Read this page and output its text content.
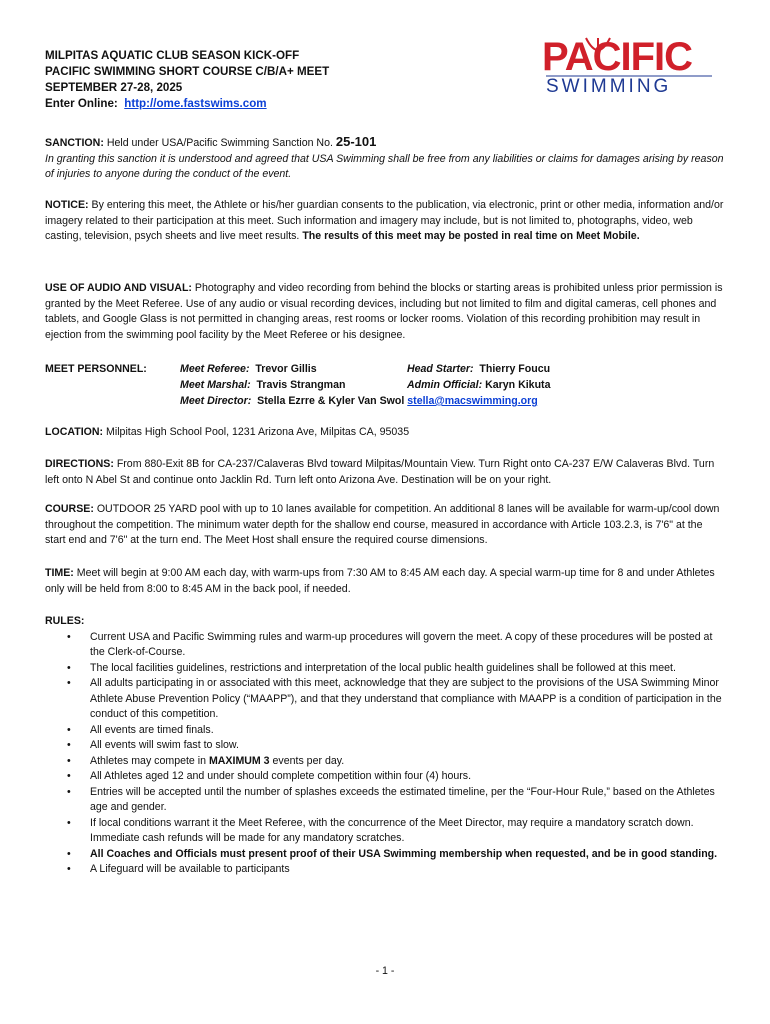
MILPITAS AQUATIC CLUB SEASON KICK-OFF
PACIFIC SWIMMING SHORT COURSE C/B/A+ MEET
SEPTEMBER 27-28, 2025
Enter Online: http://ome.fastswims.com
PACIFIC
SWIMMING
SANCTION: Held under USA/Pacific Swimming Sanction No. 25-101
In granting this sanction it is understood and agreed that USA Swimming shall be free from any liabilities or claims for damages arising by reason of injuries to anyone during the conduct of the event.
NOTICE: By entering this meet, the Athlete or his/her guardian consents to the publication, via electronic, print or other media, information and/or imagery related to their participation at this meet. Such information and imagery may include, but is not limited to, photographs, video, web casting, television, psych sheets and live meet results. The results of this meet may be posted in real time on Meet Mobile.
USE OF AUDIO AND VISUAL: Photography and video recording from behind the blocks or starting areas is prohibited unless prior permission is granted by the Meet Referee. Use of any audio or visual recording devices, including but not limited to film and digital cameras, cell phones and tablets, and Google Glass is not permitted in changing areas, rest rooms or locker rooms. Violation of this recording prohibition may result in ejection from the swimming pool facility by the Meet Referee or his designee.
MEET PERSONNEL:	Meet Referee: Trevor Gillis
Meet Marshal: Travis Strangman
Meet Director: Stella Ezrre & Kyler Van Swol stella@macswimming.org
Head Starter: Thierry Foucu
Admin Official: Karyn Kikuta
LOCATION: Milpitas High School Pool, 1231 Arizona Ave, Milpitas CA, 95035
DIRECTIONS: From 880-Exit 8B for CA-237/Calaveras Blvd toward Milpitas/Mountain View. Turn Right onto CA-237 E/W Calaveras Blvd. Turn left onto N Abel St and continue onto Jacklin Rd. Turn left onto Arizona Ave. Destination will be on your right.
COURSE: OUTDOOR 25 YARD pool with up to 10 lanes available for competition. An additional 8 lanes will be available for warm-up/cool down throughout the competition. The minimum water depth for the shallow end course, measured in accordance with Article 103.2.3, is 7'6" at the start end and 7'6" at the turn end. The Meet Host shall ensure the required course dimensions.
TIME: Meet will begin at 9:00 AM each day, with warm-ups from 7:30 AM to 8:45 AM each day. A special warm-up time for 8 and under Athletes only will be held from 8:00 to 8:45 AM in the back pool, if needed.
RULES:
• Current USA and Pacific Swimming rules and warm-up procedures will govern the meet. A copy of these procedures will be posted at the Clerk-of-Course.
• The local facilities guidelines, restrictions and interpretation of the local public health guidelines shall be followed at this meet.
• All adults participating in or associated with this meet, acknowledge that they are subject to the provisions of the USA Swimming Minor Athlete Abuse Prevention Policy (“MAAPP”), and that they understand that compliance with MAAPP is a condition of participation in the conduct of this competition.
• All events are timed finals.
• All events will swim fast to slow.
• Athletes may compete in MAXIMUM 3 events per day.
• All Athletes aged 12 and under should complete competition within four (4) hours.
• Entries will be accepted until the number of splashes exceeds the estimated timeline, per the “Four-Hour Rule,” based on the Athletes age and gender.
• If local conditions warrant it the Meet Referee, with the concurrence of the Meet Director, may require a mandatory scratch down. Immediate cash refunds will be made for any mandatory scratches.
• All Coaches and Officials must present proof of their USA Swimming membership when requested, and be in good standing.
• A Lifeguard will be available to participants
- 1 -
